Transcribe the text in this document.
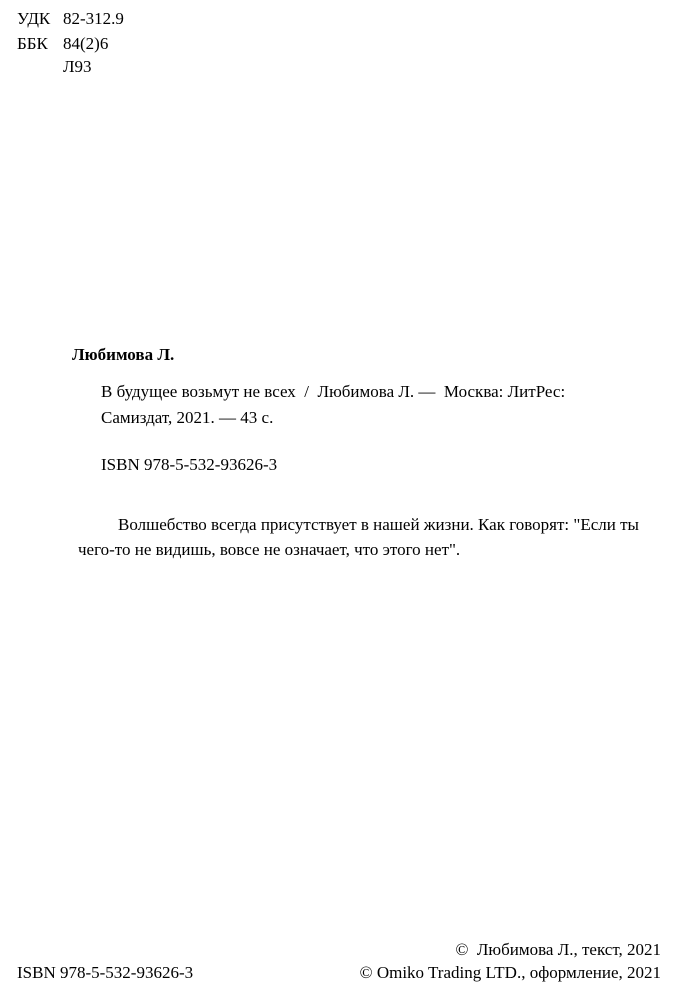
УДК 82-312.9
ББК 84(2)6
Л93
Любимова Л.
В будущее возьмут не всех  /  Любимова Л. —  Москва: ЛитРес:
Самиздат, 2021. — 43 с.
ISBN 978-5-532-93626-3
Волшебство всегда присутствует в нашей жизни. Как говорят: "Если ты чего-то не видишь, вовсе не означает, что этого нет".
ISBN 978-5-532-93626-3
©  Любимова Л., текст, 2021
© Omiko Trading LTD., оформление, 2021
